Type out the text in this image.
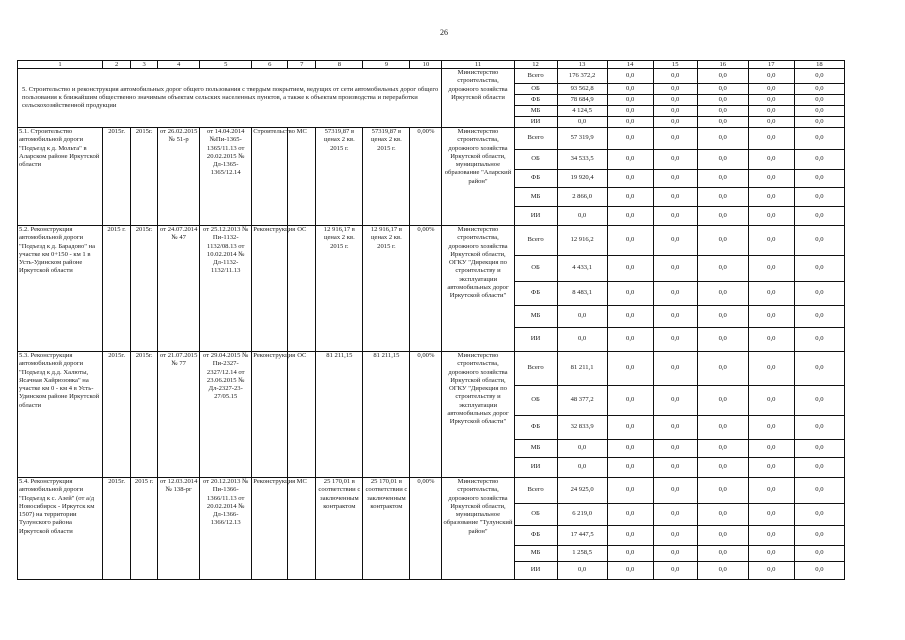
26
1	2	3	4	5	6	7	8	9	10	11	12	13	14	15	16	17	18
5. Строительство и реконструкция автомобильных дорог общего пользования с твердым покрытием, ведущих от сети автомобильных дорог общего пользования к ближайшим общественно значимым объектам сельских населенных пунктов, а также к объектам производства и переработки сельскохозяйственной продукции										Министерство строительства, дорожного хозяйства Иркутской области	Всего	176 372,2	0,0	0,0	0,0	0,0	0,0
											ОБ	93 562,8	0,0	0,0	0,0	0,0	0,0
											ФБ	78 684,9	0,0	0,0	0,0	0,0	0,0
											МБ	4 124,5	0,0	0,0	0,0	0,0	0,0
											ИИ	0,0	0,0	0,0	0,0	0,0	0,0
5.1. Строительство автомобильной дороги "Подъезд к д. Мольта" в Аларском районе Иркутской области	2015г.	2015г.	от 26.02.2015 № 51-р	от 14.04.2014 №Пи-1365-1365/11.13 от 20.02.2015 № Дл-1365-1365/12.14	Строительство	МС	57319,87 в ценах 2 кв. 2015 г.	57319,87 в ценах 2 кв. 2015 г.	0,00%	Министерство строительства, дорожного хозяйства Иркутской области, муниципальное образование "Аларский район"	Всего	57 319,9	0,0	0,0	0,0	0,0	0,0
											ОБ	34 533,5	0,0	0,0	0,0	0,0	0,0
											ФБ	19 920,4	0,0	0,0	0,0	0,0	0,0
											МБ	2 866,0	0,0	0,0	0,0	0,0	0,0
											ИИ	0,0	0,0	0,0	0,0	0,0	0,0
5.2. Реконструкция автомобильной дороги "Подъезд к д. Барадово" на участке км 0+150 - км 1 в Усть-Удинском районе Иркутской области	2015 г.	2015г.	от 24.07.2014 № 47	от 25.12.2013 № Пи-1132-1132/08.13 от 10.02.2014 № Дл-1132-1132/11.13	Реконструкция	ОС	12 916,17 в ценах 2 кв. 2015 г.	12 916,17 в ценах 2 кв. 2015 г.	0,00%	Министерство строительства, дорожного хозяйства Иркутской области, ОГКУ "Дирекция по строительству и эксплуатации автомобильных дорог Иркутской области"	Всего	12 916,2	0,0	0,0	0,0	0,0	0,0
											ОБ	4 433,1	0,0	0,0	0,0	0,0	0,0
											ФБ	8 483,1	0,0	0,0	0,0	0,0	0,0
											МБ	0,0	0,0	0,0	0,0	0,0	0,0
											ИИ	0,0	0,0	0,0	0,0	0,0	0,0
5.3. Реконструкция автомобильной дороги "Подъезд к д.д. Халюты, Ясачная Хайрюзовка" на участке км 0 - км 4 в Усть-Удинском районе Иркутской области	2015г.	2015г.	от 21.07.2015 № 77	от 29.04.2015 № Пи-2327-2327/12.14 от 23.06.2015 № Дл-2327-23-27/05.15	Реконструкция	ОС	81 211,15	81 211,15	0,00%	Министерство строительства, дорожного хозяйства Иркутской области, ОГКУ "Дирекция по строительству и эксплуатации автомобильных дорог Иркутской области"	Всего	81 211,1	0,0	0,0	0,0	0,0	0,0
											ОБ	48 377,2	0,0	0,0	0,0	0,0	0,0
											ФБ	32 833,9	0,0	0,0	0,0	0,0	0,0
											МБ	0,0	0,0	0,0	0,0	0,0	0,0
											ИИ	0,0	0,0	0,0	0,0	0,0	0,0
5.4. Реконструкция автомобильной дороги "Подъезд к с. Азей" (от а/д Новосибирск - Иркутск км 1507) на территории Тулунского района Иркутской области	2015г.	2015 г.	от 12.03.2014 № 138-рг	от 20.12.2013 № Пи-1366-1366/11.13 от 20.02.2014 № Дл-1366-1366/12.13	Реконструкция	МС	25 170,01 в соответствии с заключенным контрактом	25 170,01 в соответствии с заключенным контрактом	0,00%	Министерство строительства, дорожного хозяйства Иркутской области, муниципальное образование "Тулунский район"	Всего	24 925,0	0,0	0,0	0,0	0,0	0,0
											ОБ	6 219,0	0,0	0,0	0,0	0,0	0,0
											ФБ	17 447,5	0,0	0,0	0,0	0,0	0,0
											МБ	1 258,5	0,0	0,0	0,0	0,0	0,0
											ИИ	0,0	0,0	0,0	0,0	0,0	0,0
